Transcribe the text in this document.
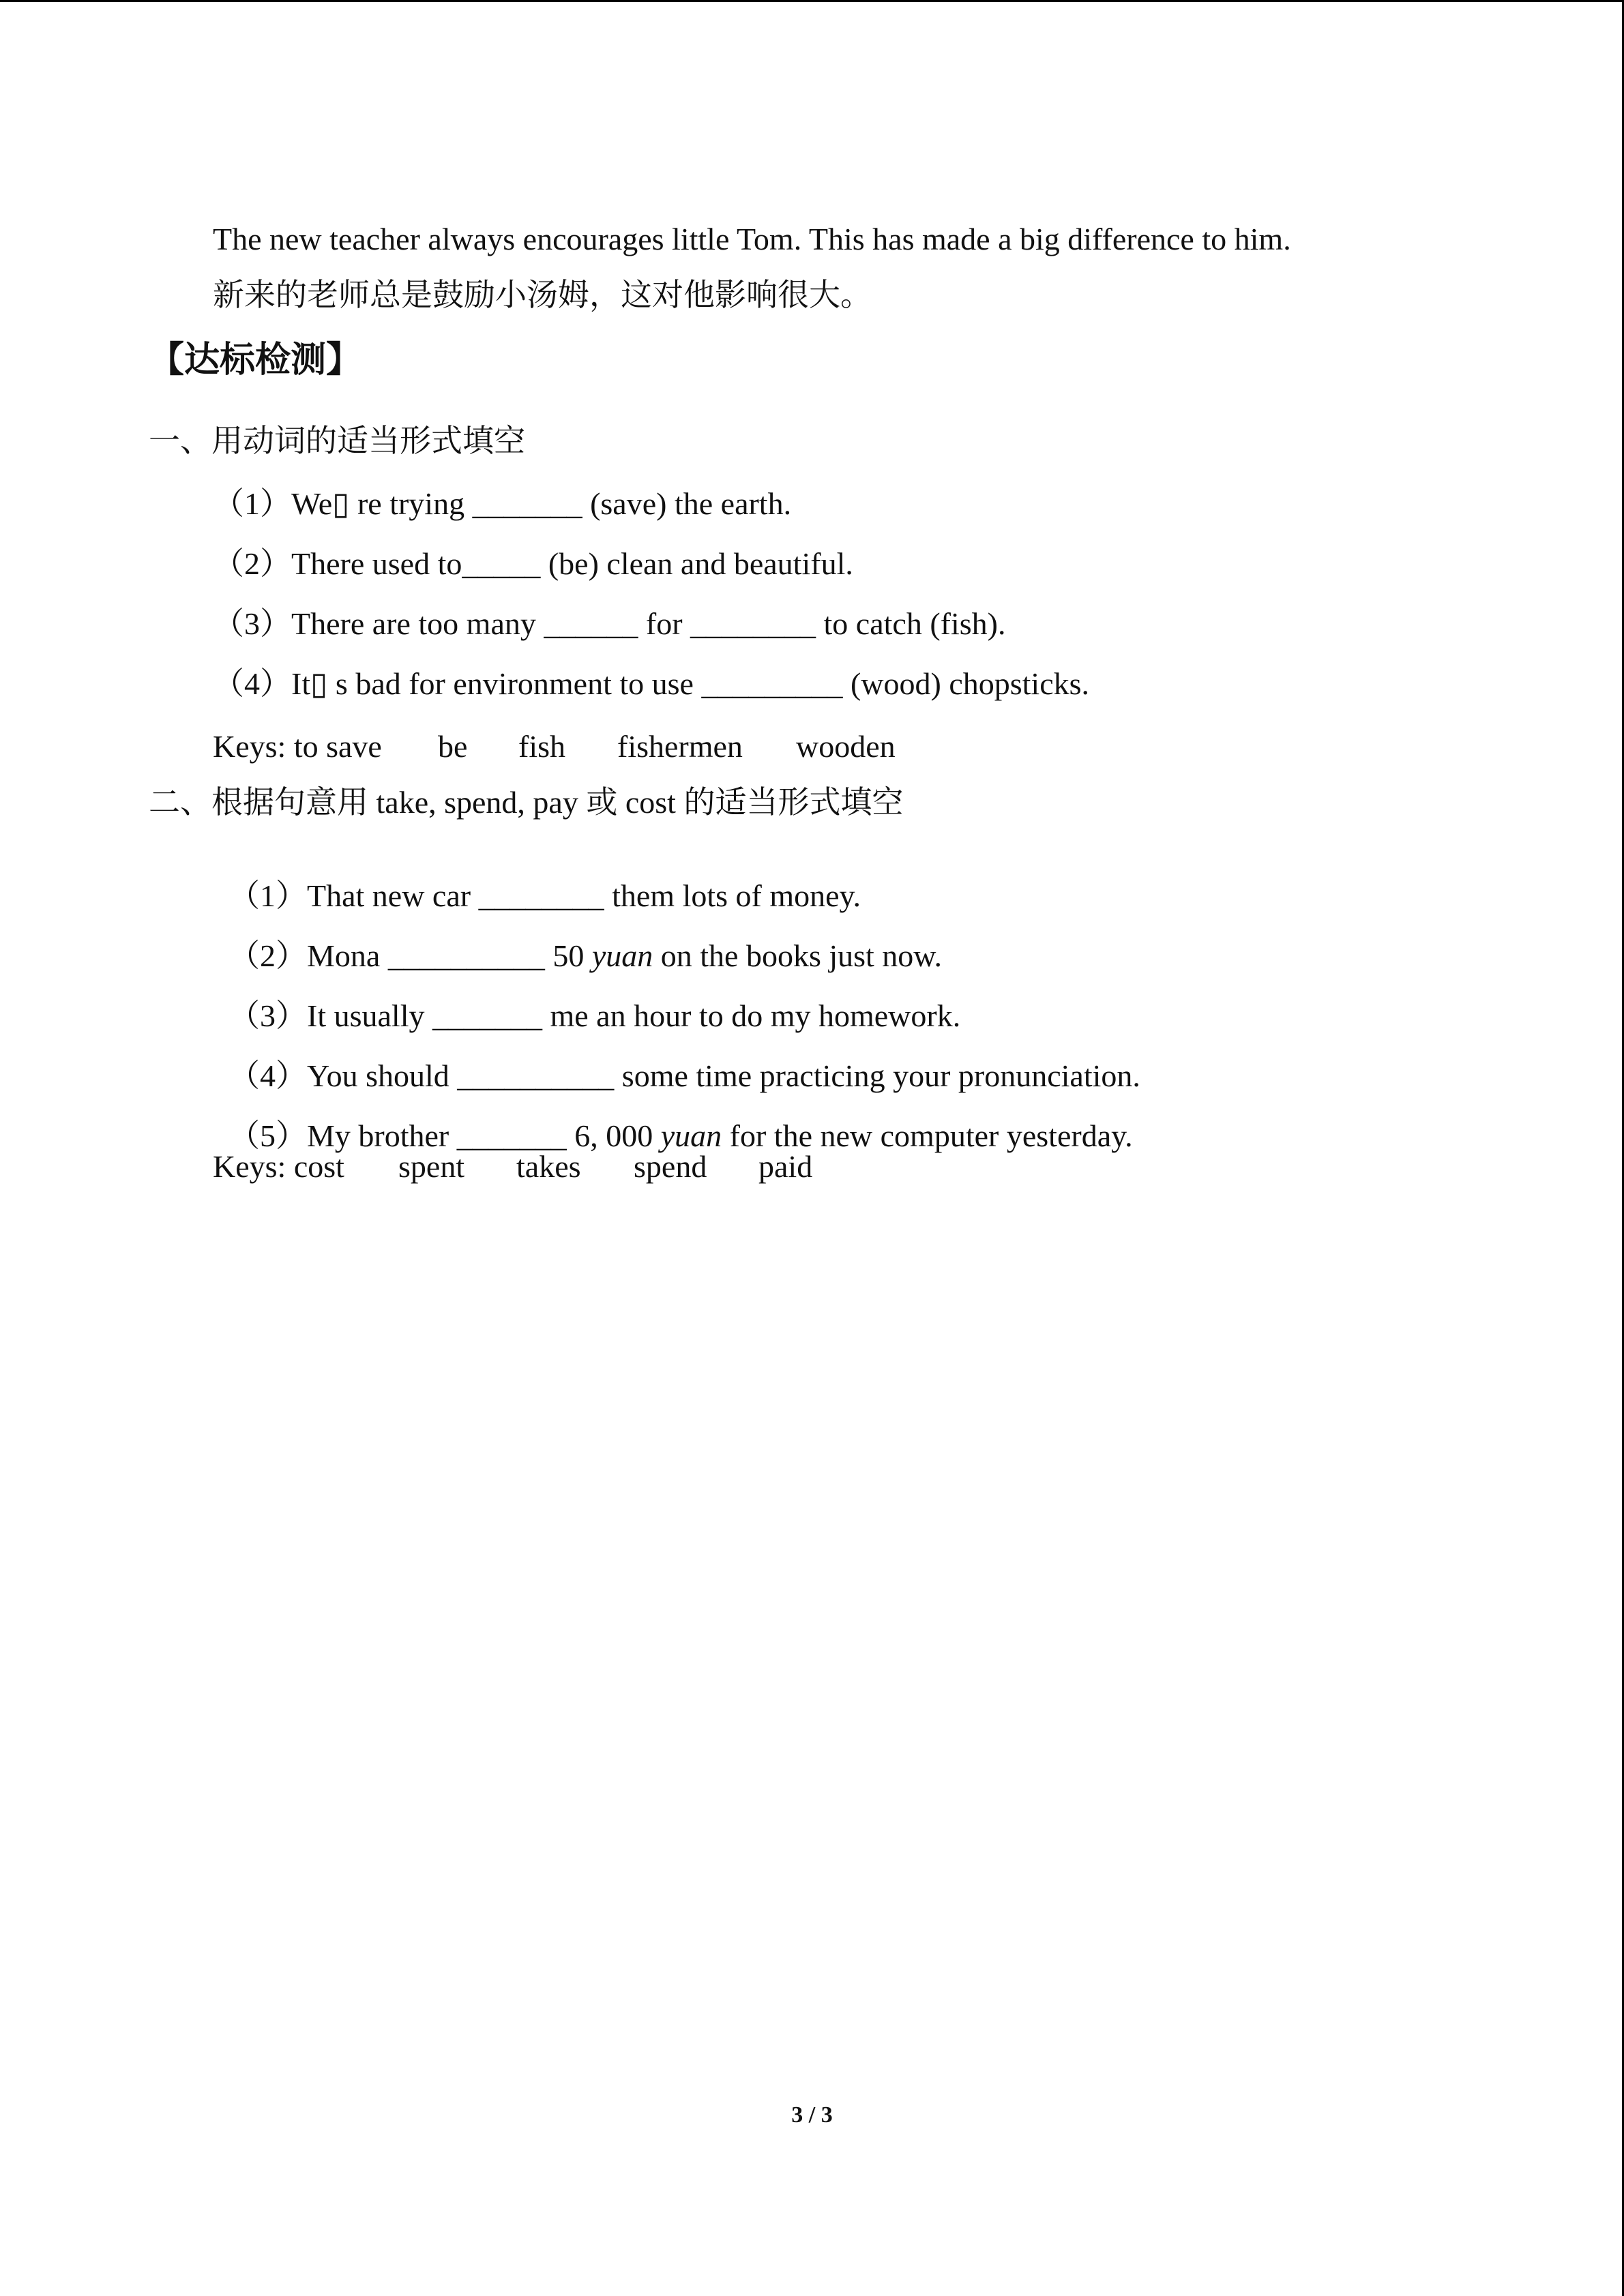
The new teacher always encourages little Tom. This has made a big difference to him.
新来的老师总是鼓励小汤姆，这对他影响很大。
【达标检测】
一、用动词的适当形式填空
（1）We▯ re trying _______ (save) the earth.
（2）There used to_____ (be) clean and beautiful.
（3）There are too many ______ for ________ to catch (fish).
（4）It▯ s bad for environment to use _________ (wood) chopsticks.

Keys: to save

be

fish

fishermen

wooden

二、根据句意用 take, spend, pay 或 cost 的适当形式填空

（1）That new car ________ them lots of money.

（2）Mona __________ 50 yuan on the books just now.

（3）It usually _______ me an hour to do my homework.

（4）You should __________ some time practicing your pronunciation.

（5）My brother _______ 6, 000 yuan for the new computer yesterday.

Keys: cost

spent

takes

spend

paid

3 / 3
